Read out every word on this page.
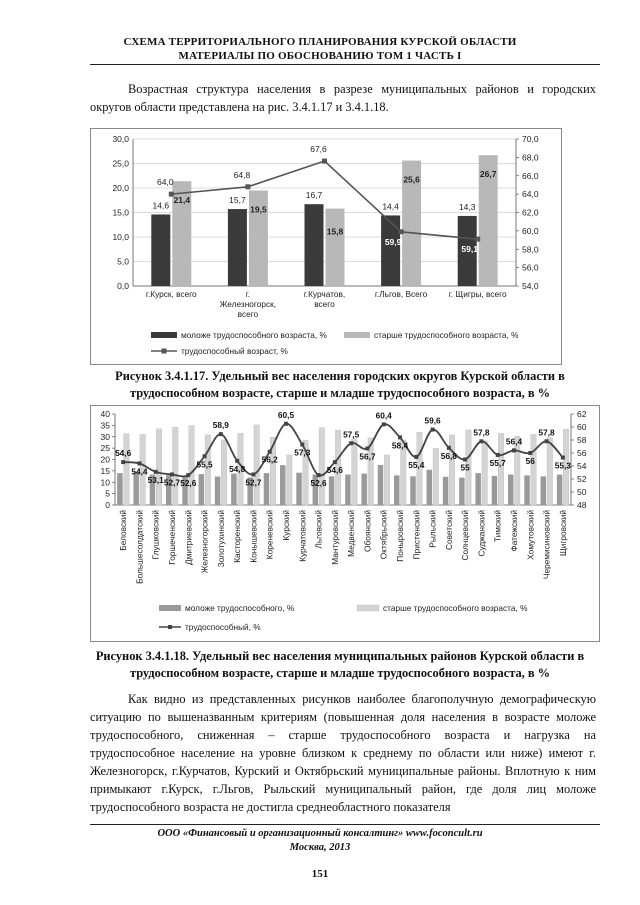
СХЕМА ТЕРРИТОРИАЛЬНОГО ПЛАНИРОВАНИЯ КУРСКОЙ ОБЛАСТИ
МАТЕРИАЛЫ ПО ОБОСНОВАНИЮ ТОМ 1 ЧАСТЬ I
Возрастная структура населения в разрезе муниципальных районов и городских округов области представлена на рис. 3.4.1.17 и 3.4.1.18.
0,0
5,0
10,0
15,0
20,0
25,0
30,0
54,0
56,0
58,0
60,0
62,0
64,0
66,0
68,0
70,0
14,6
г.Курск, всего
15,7
г.
Железногорск,
всего
16,7
г.Курчатов,
всего
14,4
г.Льгов, Всего
14,3
г. Щигры, всего
21,4
19,5
15,8
25,6
26,7
64,0
64,8
67,6
59,9
59,1
моложе трудоспособного возраста, %	старше трудоспособного возраста, %
трудоспособный возраст, %
Рисунок 3.4.1.17. Удельный вес населения городских округов Курской области в трудоспособном возрасте, старше и младше трудоспособного возраста, в %
0
5
10
15
20
25
30
35
40
48
50
52
54
56
58
60
62
Беловский Большесолдатский Глушковский Горшеченский Дмитриевский Железногорский Золотухинский Касторенский Конышевский Кореневский Курский Курчатовский Льговский Мантуровский Медвенский Обоянский Октябрьский Поныровский Пристенский Рыльский Советский Солнцевский Суджанский Тимский Фатежский Хомутовский Черемисиновский Щигровский
54,6
54,4
53,1 52,7 52,6
55,5
58,9
54,8
52,7
56,2
60,5
57,3
52,6
54,6
57,5
56,7
60,4
58,4
55,4
59,6
56,8
55
57,8
55,7
56,4
56
57,8
55,3
моложе трудоспособного, %	старше трудоспособного возраста, %
трудоспособный, %
Рисунок 3.4.1.18. Удельный вес населения муниципальных районов Курской области в трудоспособном возрасте, старше и младше трудоспособного возраста, в %
Как видно из представленных рисунков наиболее благополучную демографическую ситуацию по вышеназванным критериям (повышенная доля населения в возрасте моложе трудоспособного, сниженная – старше трудоспособного возраста и нагрузка на трудоспособное население на уровне близком к среднему по области или ниже) имеют г. Железногорск, г.Курчатов, Курский и Октябрьский муниципальные районы. Вплотную к ним примыкают г.Курск, г.Льгов, Рыльский муниципальный район, где доля лиц моложе трудоспособного возраста не достигла среднеобластного показателя
ООО «Финансовый и организационный консалтинг» www.foconcult.ru
Москва, 2013
151
